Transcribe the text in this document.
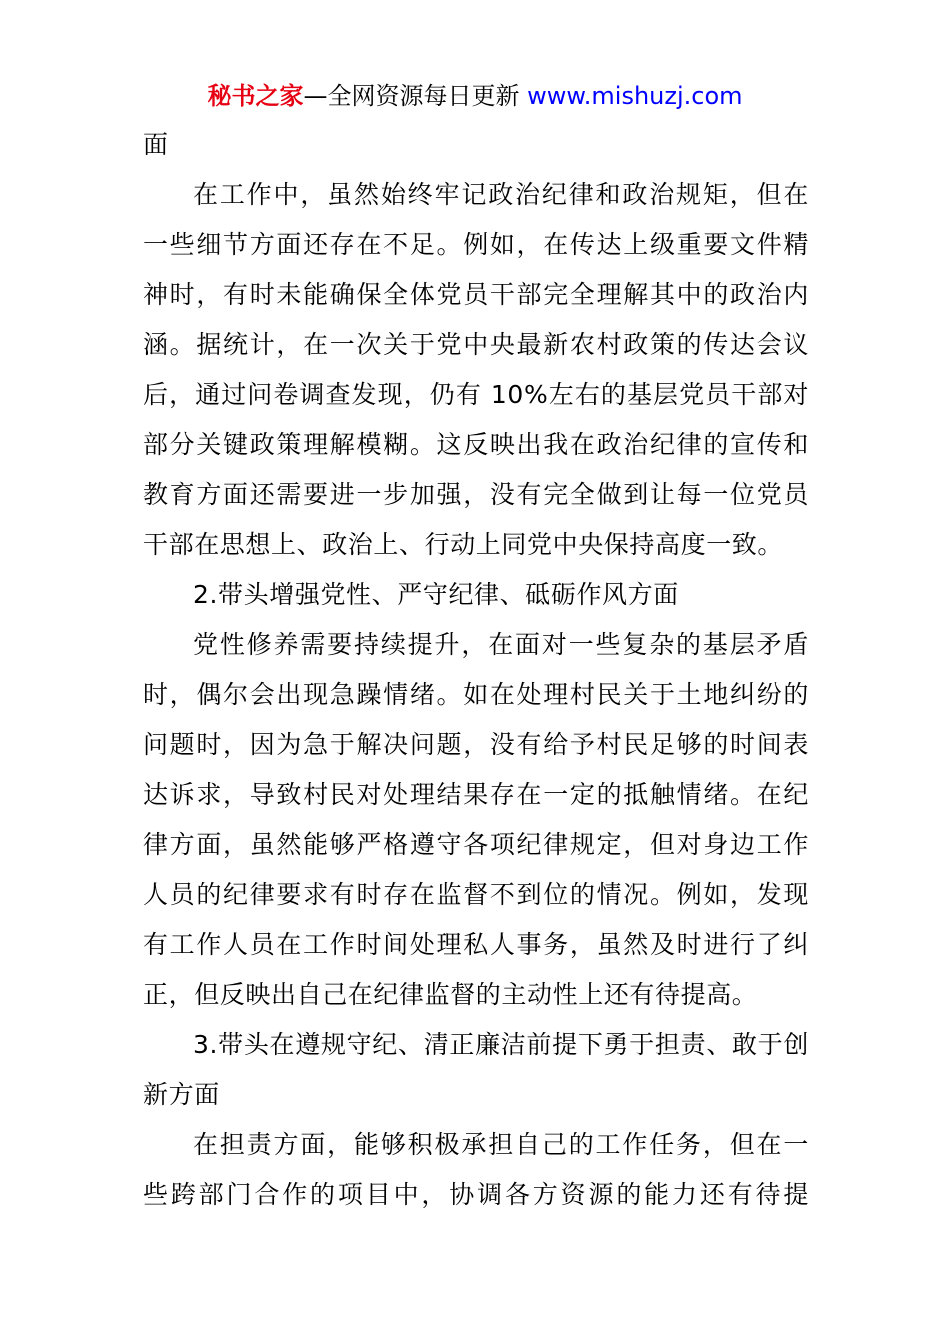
秘书之家—全网资源每日更新 www.mishuzj.com
面
在工作中，虽然始终牢记政治纪律和政治规矩，但在
一些细节方面还存在不足。例如，在传达上级重要文件精
神时，有时未能确保全体党员干部完全理解其中的政治内
涵。据统计，在一次关于党中央最新农村政策的传达会议
后，通过问卷调查发现，仍有 10%左右的基层党员干部对
部分关键政策理解模糊。这反映出我在政治纪律的宣传和
教育方面还需要进一步加强，没有完全做到让每一位党员
干部在思想上、政治上、行动上同党中央保持高度一致。
2.带头增强党性、严守纪律、砥砺作风方面
党性修养需要持续提升，在面对一些复杂的基层矛盾
时，偶尔会出现急躁情绪。如在处理村民关于土地纠纷的
问题时，因为急于解决问题，没有给予村民足够的时间表
达诉求，导致村民对处理结果存在一定的抵触情绪。在纪
律方面，虽然能够严格遵守各项纪律规定，但对身边工作
人员的纪律要求有时存在监督不到位的情况。例如，发现
有工作人员在工作时间处理私人事务，虽然及时进行了纠
正，但反映出自己在纪律监督的主动性上还有待提高。
3.带头在遵规守纪、清正廉洁前提下勇于担责、敢于创
新方面
在担责方面，能够积极承担自己的工作任务，但在一
些跨部门合作的项目中，协调各方资源的能力还有待提
